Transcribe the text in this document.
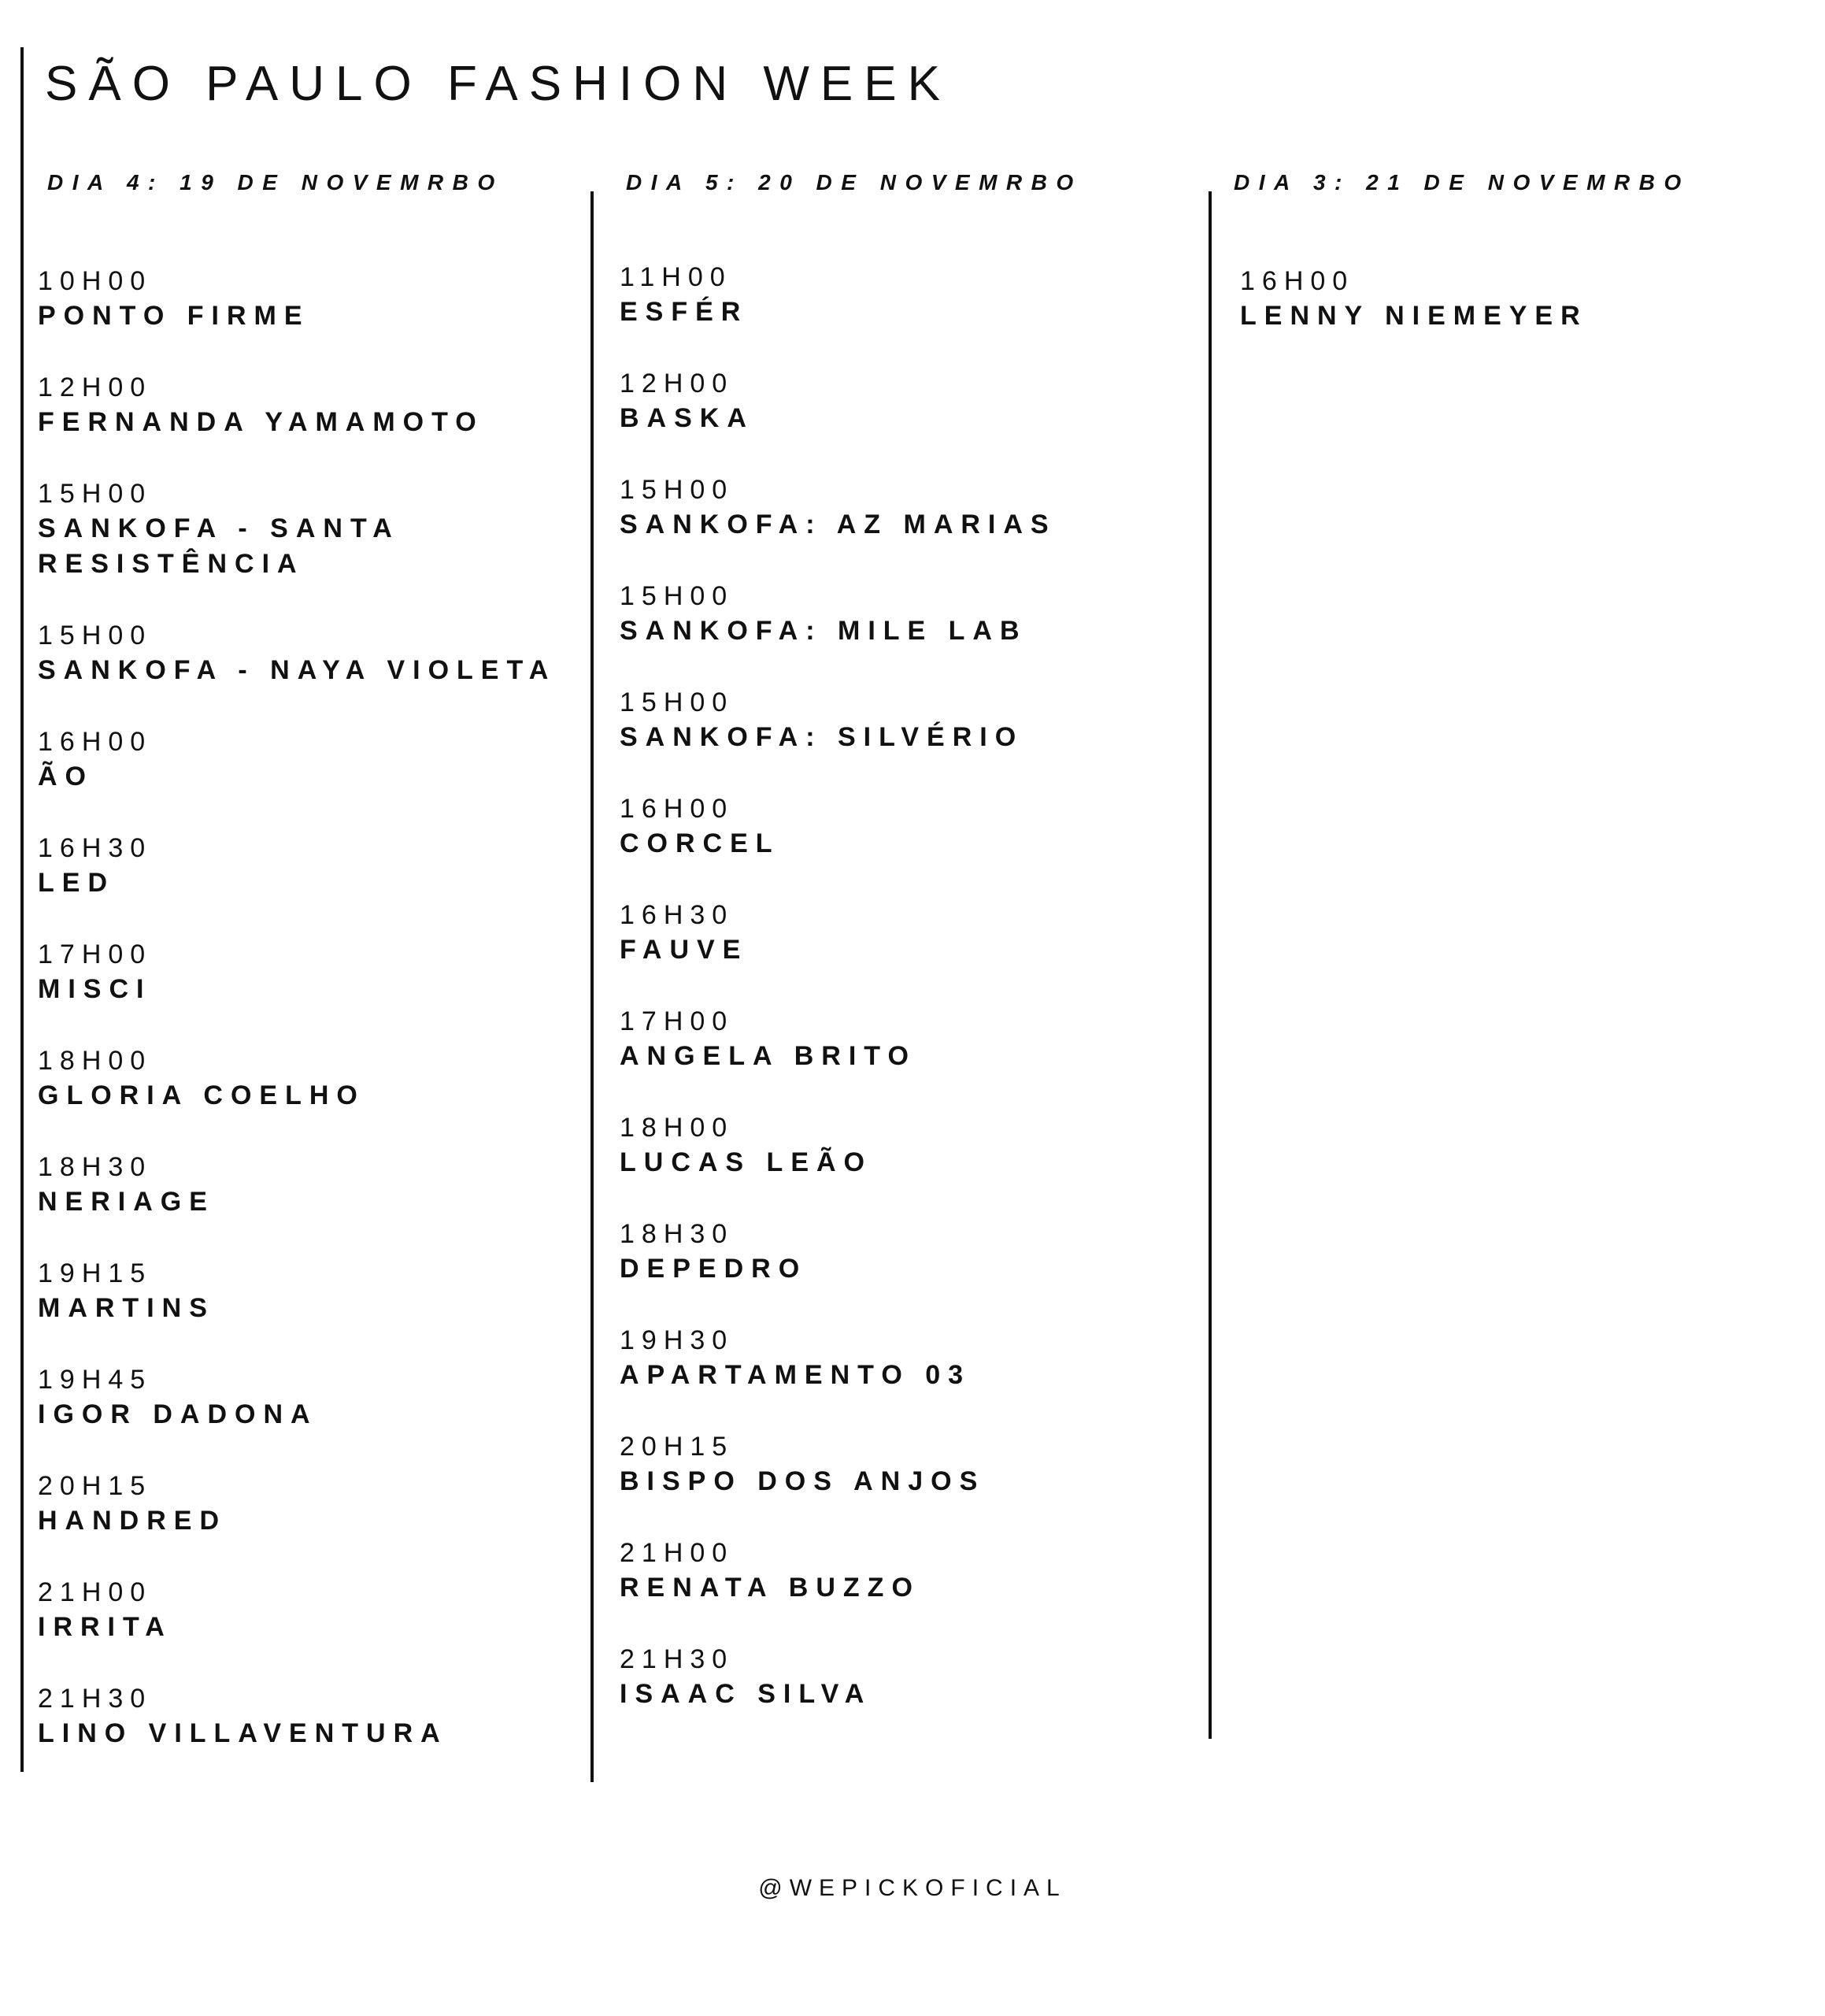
SÃO PAULO FASHION WEEK
DIA 4: 19 DE NOVEMRBO	DIA 5: 20 DE NOVEMRBO	DIA 3: 21 DE NOVEMRBO
10H00
PONTO FIRME
12H00
FERNANDA YAMAMOTO
15H00
SANKOFA - SANTA RESISTÊNCIA
15H00
SANKOFA - NAYA VIOLETA
16H00
ÃO
16H30
LED
17H00
MISCI
18H00
GLORIA COELHO
18H30
NERIAGE
19H15
MARTINS
19H45
IGOR DADONA
20H15
HANDRED
21H00
IRRITA
21H30
LINO VILLAVENTURA
11H00
ESFÉR
12H00
BASKA
15H00
SANKOFA: AZ MARIAS
15H00
SANKOFA: MILE LAB
15H00
SANKOFA: SILVÉRIO
16H00
CORCEL
16H30
FAUVE
17H00
ANGELA BRITO
18H00
LUCAS LEÃO
18H30
DEPEDRO
19H30
APARTAMENTO 03
20H15
BISPO DOS ANJOS
21H00
RENATA BUZZO
21H30
ISAAC SILVA
16H00
LENNY NIEMEYER
@WEPICKOFICIAL
